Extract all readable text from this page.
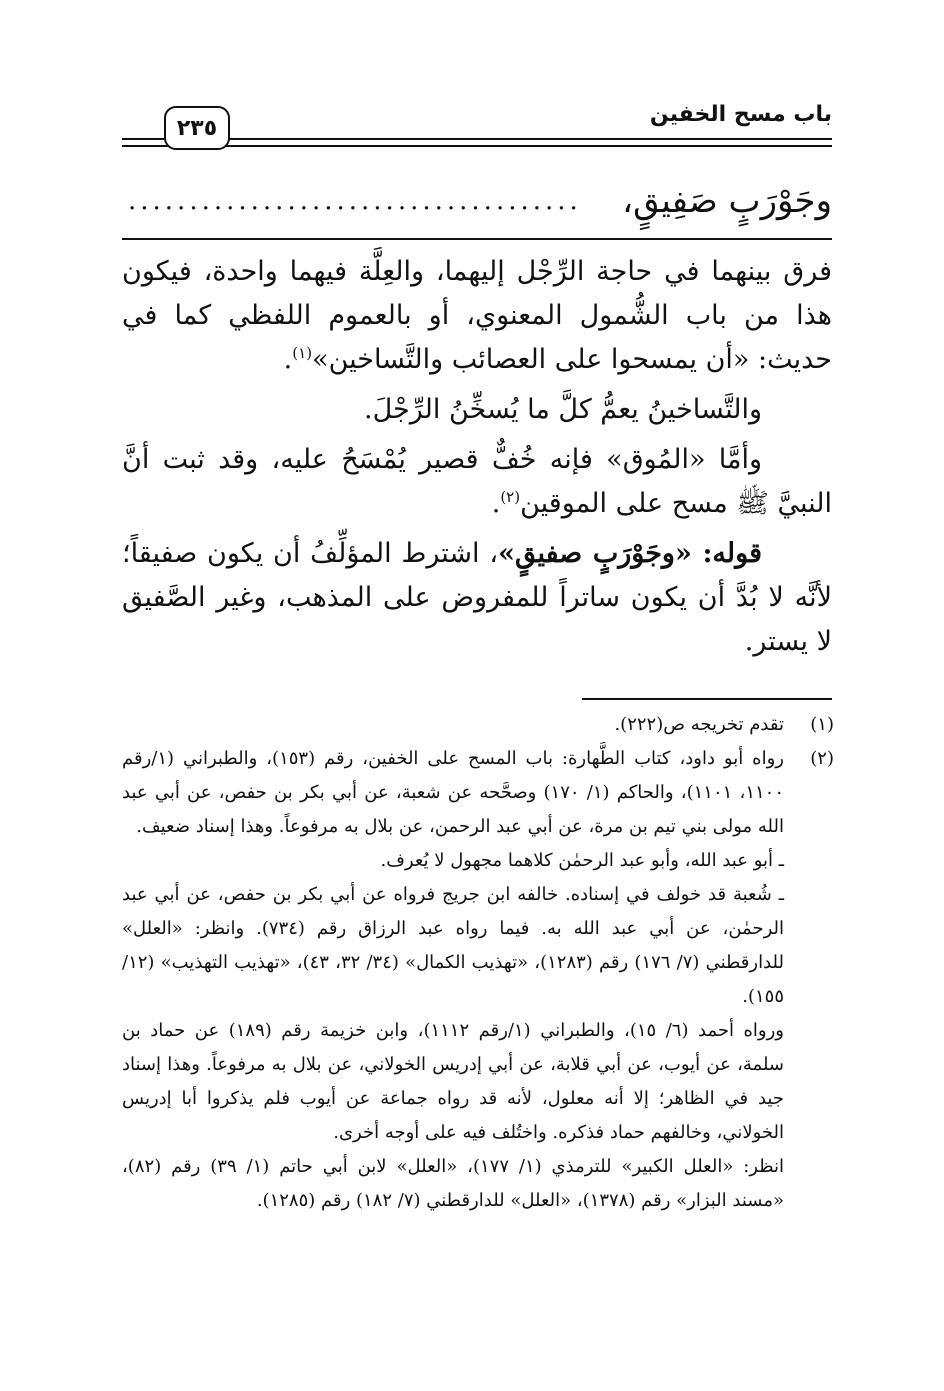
باب مسح الخفين
٢٣٥
وجَوْرَبٍ صَفِيقٍ،
.....................................

فرق بينهما في حاجة الرِّجْل إليهما، والعِلَّة فيهما واحدة، فيكون هذا من باب الشُّمول المعنوي، أو بالعموم اللفظي كما في حديث: «أن يمسحوا على العصائب والتَّساخين»$^{(١)}$.

والتَّساخينُ يعمُّ كلَّ ما يُسخِّنُ الرِّجْلَ.

وأمَّا «المُوق» فإنه خُفٌّ قصير يُمْسَحُ عليه، وقد ثبت أنَّ النبيَّ ﷺ مسح على الموقين$^{(٢)}$.

قوله: «وجَوْرَبٍ صفيقٍ»، اشترط المؤلِّفُ أن يكون صفيقاً؛ لأنَّه لا بُدَّ أن يكون ساتراً للمفروض على المذهب، وغير الصَّفيق لا يستر.

(١)

تقدم تخريجه ص(٢٢٢).

(٢)

رواه أبو داود، كتاب الطَّهارة: باب المسح على الخفين، رقم (١٥٣)، والطبراني (١/رقم ١١٠٠، ١١٠١)، والحاكم (١/ ١٧٠) وصحَّحه عن شعبة، عن أبي بكر بن حفص، عن أبي عبد الله مولى بني تيم بن مرة، عن أبي عبد الرحمن، عن بلال به مرفوعاً. وهذا إسناد ضعيف.

ـ أبو عبد الله، وأبو عبد الرحمٰن كلاهما مجهول لا يُعرف.

ـ شُعبة قد خولف في إسناده. خالفه ابن جريج فرواه عن أبي بكر بن حفص، عن أبي عبد الرحمٰن، عن أبي عبد الله به. فيما رواه عبد الرزاق رقم (٧٣٤). وانظر: «العلل» للدارقطني (٧/ ١٧٦) رقم (١٢٨٣)، «تهذيب الكمال» (٣٤/ ٣٢، ٤٣)، «تهذيب التهذيب» (١٢/ ١٥٥).

ورواه أحمد (٦/ ١٥)، والطبراني (١/رقم ١١١٢)، وابن خزيمة رقم (١٨٩) عن حماد بن سلمة، عن أيوب، عن أبي قلابة، عن أبي إدريس الخولاني، عن بلال به مرفوعاً. وهذا إسناد جيد في الظاهر؛ إلا أنه معلول، لأنه قد رواه جماعة عن أيوب فلم يذكروا أبا إدريس الخولاني، وخالفهم حماد فذكره. واختُلف فيه على أوجه أخرى.

انظر: «العلل الكبير» للترمذي (١/ ١٧٧)، «العلل» لابن أبي حاتم (١/ ٣٩) رقم (٨٢)، «مسند البزار» رقم (١٣٧٨)، «العلل» للدارقطني (٧/ ١٨٢) رقم (١٢٨٥).
